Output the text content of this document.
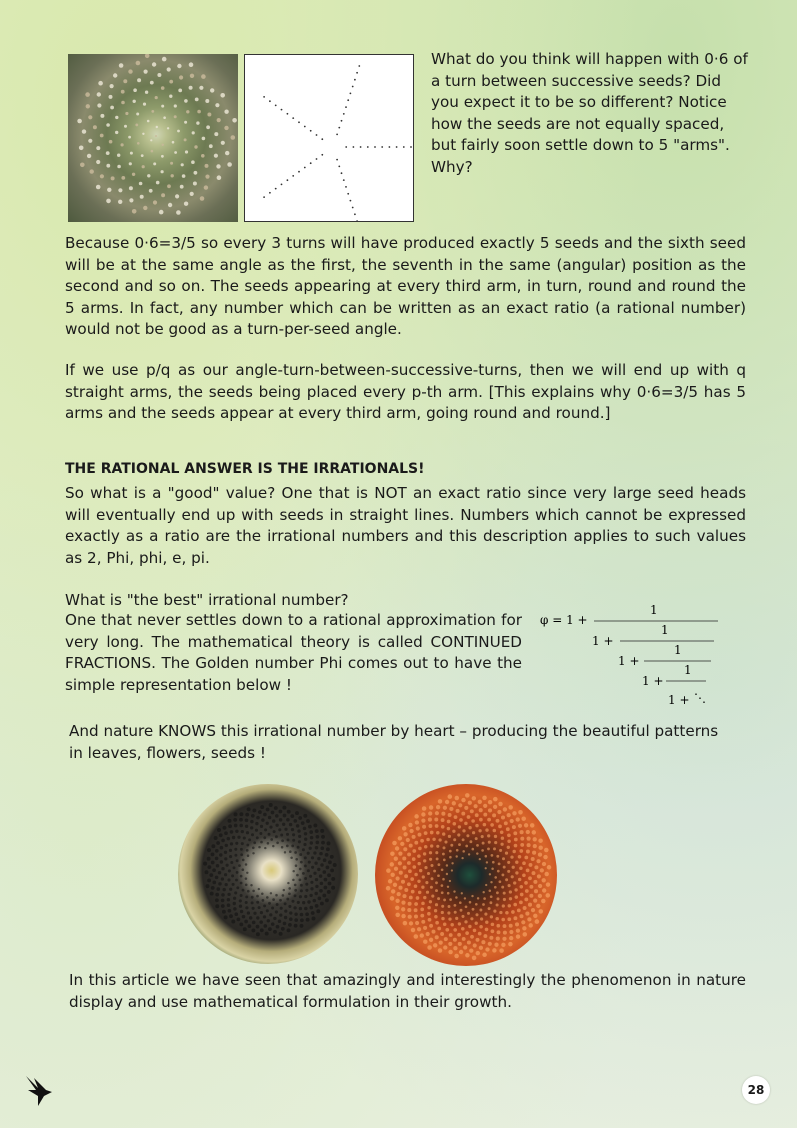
What do you think will happen with 0·6 of a turn between successive seeds? Did you expect it to be so different? Notice how the seeds are not equally spaced, but fairly soon settle down to 5 "arms". Why?

Because 0·6=3/5 so every 3 turns will have produced exactly 5 seeds and the sixth seed will be at the same angle as the first, the seventh in the same (angular) position as the second and so on. The seeds appearing at every third arm, in turn, round and round the 5 arms. In fact, any number which can be written as an exact ratio (a rational number) would not be good as a turn-per-seed angle.

If we use p/q as our angle-turn-between-successive-turns, then we will end up with q straight arms, the seeds being placed every p-th arm. [This explains why 0·6=3/5 has 5 arms and the seeds appear at every third arm, going round and round.]

THE RATIONAL ANSWER IS THE IRRATIONALS!

So what is a "good" value? One that is NOT an exact ratio since very large seed heads will eventually end up with seeds in straight lines. Numbers which cannot be expressed exactly as a ratio are the irrational numbers and this description applies to such values as 2, Phi, phi, e, pi.

What is "the best" irrational number?

One that never settles down to a rational approximation for very long. The mathematical theory is called CONTINUED FRACTIONS. The Golden number Phi comes out to have the simple representation below !

φ = 1 +
1
1 +
1
1 +
1
1 +
1
1 + ⋱

And nature KNOWS this irrational number by heart – producing the beautiful patterns in leaves, flowers, seeds !

In this article we have seen that amazingly and interestingly the phenomenon in nature display and use mathematical formulation in their growth.

28
